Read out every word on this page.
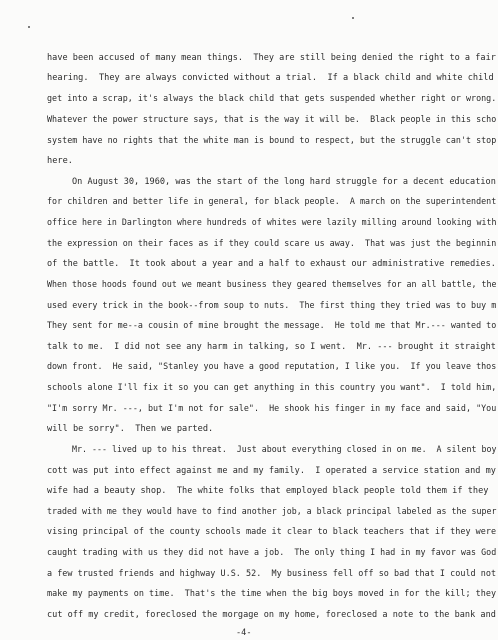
have been accused of many mean things.  They are still being denied the right to a fair
hearing.  They are always convicted without a trial.  If a black child and white child
get into a scrap, it's always the black child that gets suspended whether right or wrong.
Whatever the power structure says, that is the way it will be.  Black people in this scho
system have no rights that the white man is bound to respect, but the struggle can't stop
here.
On August 30, 1960, was the start of the long hard struggle for a decent education
for children and better life in general, for black people.  A march on the superintendent
office here in Darlington where hundreds of whites were lazily milling around looking with
the expression on their faces as if they could scare us away.  That was just the beginnin
of the battle.  It took about a year and a half to exhaust our administrative remedies.
When those hoods found out we meant business they geared themselves for an all battle, the
used every trick in the book--from soup to nuts.  The first thing they tried was to buy m
They sent for me--a cousin of mine brought the message.  He told me that Mr.--- wanted to
talk to me.  I did not see any harm in talking, so I went.  Mr. --- brought it straight
down front.  He said, "Stanley you have a good reputation, I like you.  If you leave thos
schools alone I'll fix it so you can get anything in this country you want".  I told him,
"I'm sorry Mr. ---, but I'm not for sale".  He shook his finger in my face and said, "You
will be sorry".  Then we parted.
Mr. --- lived up to his threat.  Just about everything closed in on me.  A silent boy
cott was put into effect against me and my family.  I operated a service station and my
wife had a beauty shop.  The white folks that employed black people told them if they
traded with me they would have to find another job, a black principal labeled as the super
vising principal of the county schools made it clear to black teachers that if they were
caught trading with us they did not have a job.  The only thing I had in my favor was God
a few trusted friends and highway U.S. 52.  My business fell off so bad that I could not
make my payments on time.  That's the time when the big boys moved in for the kill; they
cut off my credit, foreclosed the morgage on my home, foreclosed a note to the bank and
-4-
